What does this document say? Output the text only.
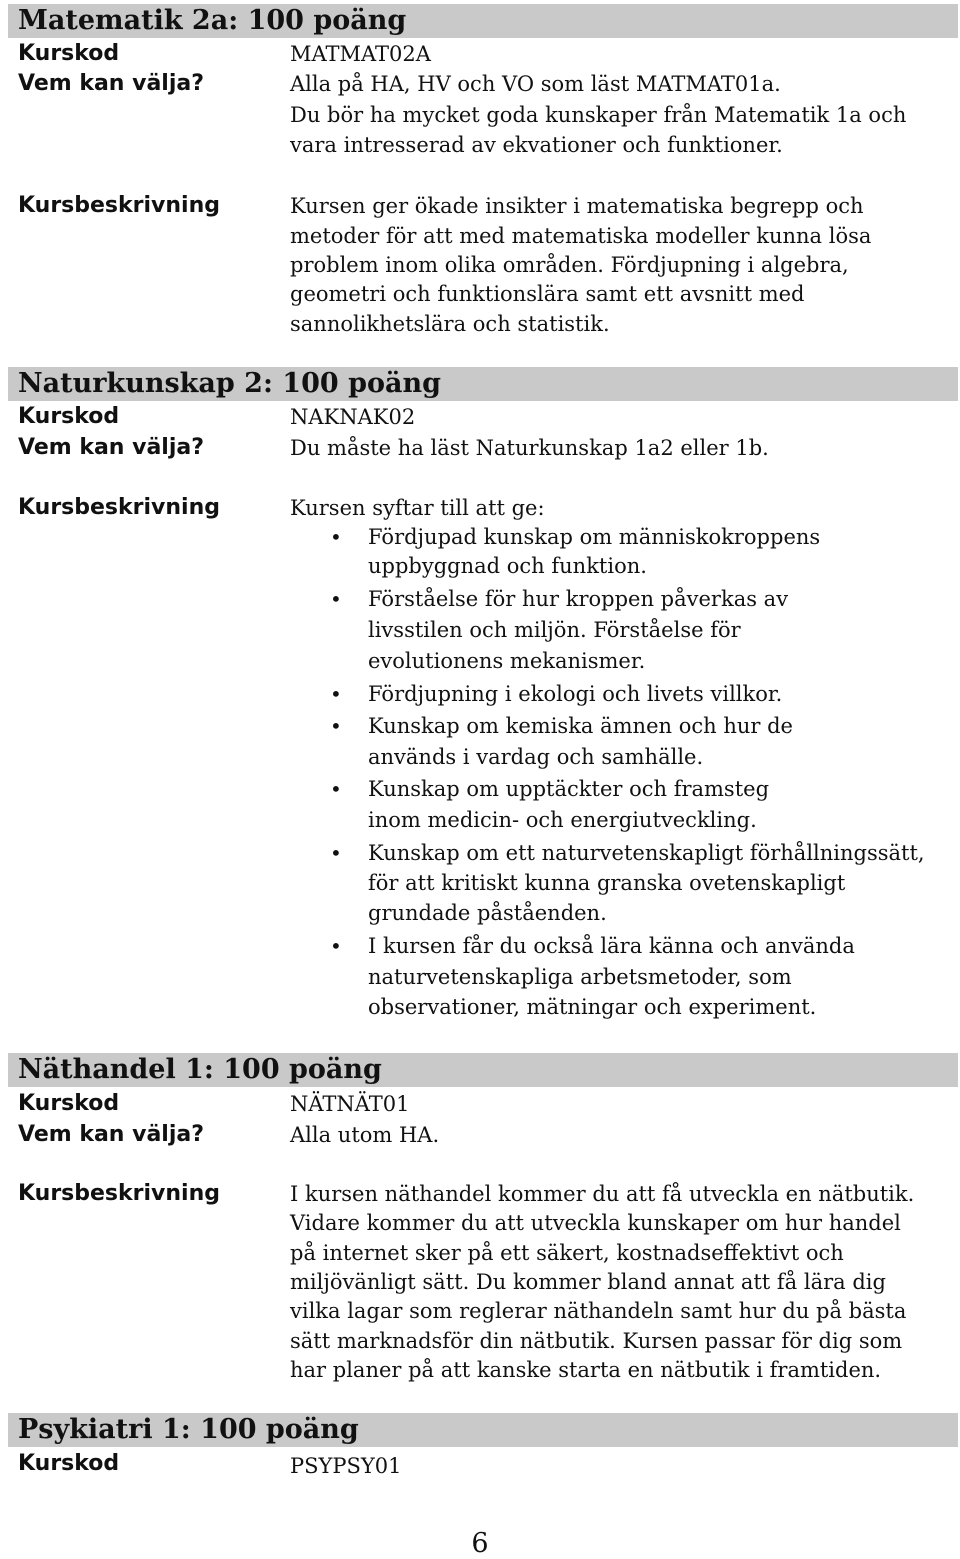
Matematik 2a: 100 poäng
Kurskod	MATMAT02A
Vem kan välja?	Alla på HA, HV och VO som läst MATMAT01a.
Du bör ha mycket goda kunskaper från Matematik 1a och
vara intresserad av ekvationer och funktioner.
Kursbeskrivning	Kursen ger ökade insikter i matematiska begrepp och
metoder för att med matematiska modeller kunna lösa
problem inom olika områden. Fördjupning i algebra,
geometri och funktionslära samt ett avsnitt med
sannolikhetslära och statistik.
Naturkunskap 2: 100 poäng
Kurskod	NAKNAK02
Vem kan välja?	Du måste ha läst Naturkunskap 1a2 eller 1b.
Kursbeskrivning	Kursen syftar till att ge:
• Fördjupad kunskap om människokroppens
uppbyggnad och funktion.
• Förståelse för hur kroppen påverkas av
livsstilen och miljön. Förståelse för
evolutionens mekanismer.
• Fördjupning i ekologi och livets villkor.
• Kunskap om kemiska ämnen och hur de
används i vardag och samhälle.
• Kunskap om upptäckter och framsteg
inom medicin- och energiutveckling.
• Kunskap om ett naturvetenskapligt förhållningssätt,
för att kritiskt kunna granska ovetenskapligt
grundade påståenden.
• I kursen får du också lära känna och använda
naturvetenskapliga arbetsmetoder, som
observationer, mätningar och experiment.
Näthandel 1: 100 poäng
Kurskod	NÄTNÄT01
Vem kan välja?	Alla utom HA.
Kursbeskrivning	I kursen näthandel kommer du att få utveckla en nätbutik.
Vidare kommer du att utveckla kunskaper om hur handel
på internet sker på ett säkert, kostnadseffektivt och
miljövänligt sätt. Du kommer bland annat att få lära dig
vilka lagar som reglerar näthandeln samt hur du på bästa
sätt marknadsför din nätbutik. Kursen passar för dig som
har planer på att kanske starta en nätbutik i framtiden.
Psykiatri 1: 100 poäng
Kurskod	PSYPSY01
6
